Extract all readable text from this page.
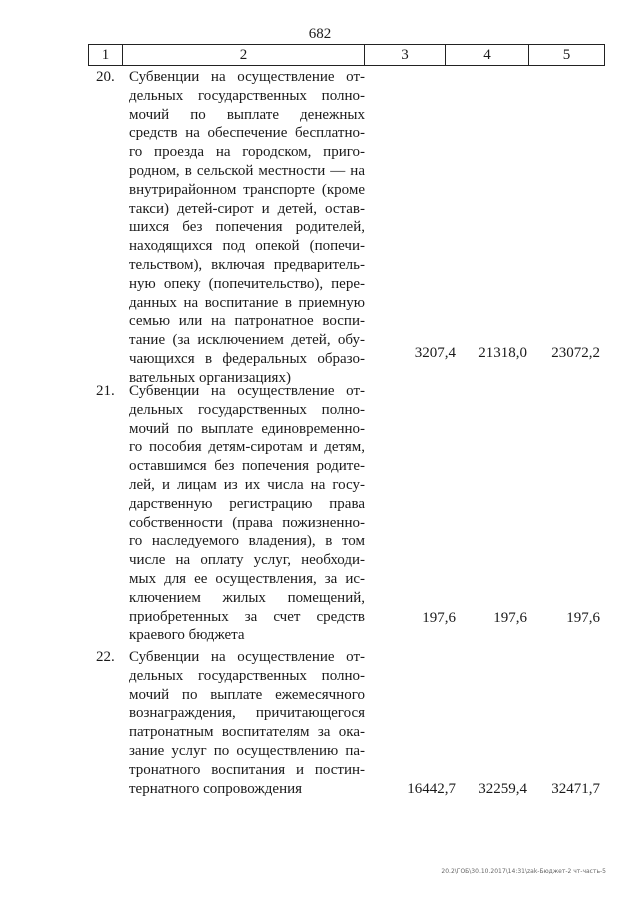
682
1	2	3	4	5
20. Субвенции на осуществление от-
дельных государственных полно-
мочий по выплате денежных
средств на обеспечение бесплатно-
го проезда на городском, приго-
родном, в сельской местности — на
внутрирайонном транспорте (кроме
такси) детей-сирот и детей, остав-
шихся без попечения родителей,
находящихся под опекой (попечи-
тельством), включая предваритель-
ную опеку (попечительство), пере-
данных на воспитание в приемную
семью или на патронатное воспи-
тание (за исключением детей, обу-
чающихся в федеральных образо-
вательных организациях)
3207,4	21318,0	23072,2
21. Субвенции на осуществление от-
дельных государственных полно-
мочий по выплате единовременно-
го пособия детям-сиротам и детям,
оставшимся без попечения родите-
лей, и лицам из их числа на госу-
дарственную регистрацию права
собственности (права пожизненно-
го наследуемого владения), в том
числе на оплату услуг, необходи-
мых для ее осуществления, за ис-
ключением жилых помещений,
приобретенных за счет средств
краевого бюджета
197,6	197,6	197,6
22. Субвенции на осуществление от-
дельных государственных полно-
мочий по выплате ежемесячного
вознаграждения, причитающегося
патронатным воспитателям за ока-
зание услуг по осуществлению па-
тронатного воспитания и постин-
тернатного сопровождения	16442,7	32259,4	32471,7
20.2\ГОБ\30.10.2017\14:31\zak-Бюджет-2 чт-часть-5
